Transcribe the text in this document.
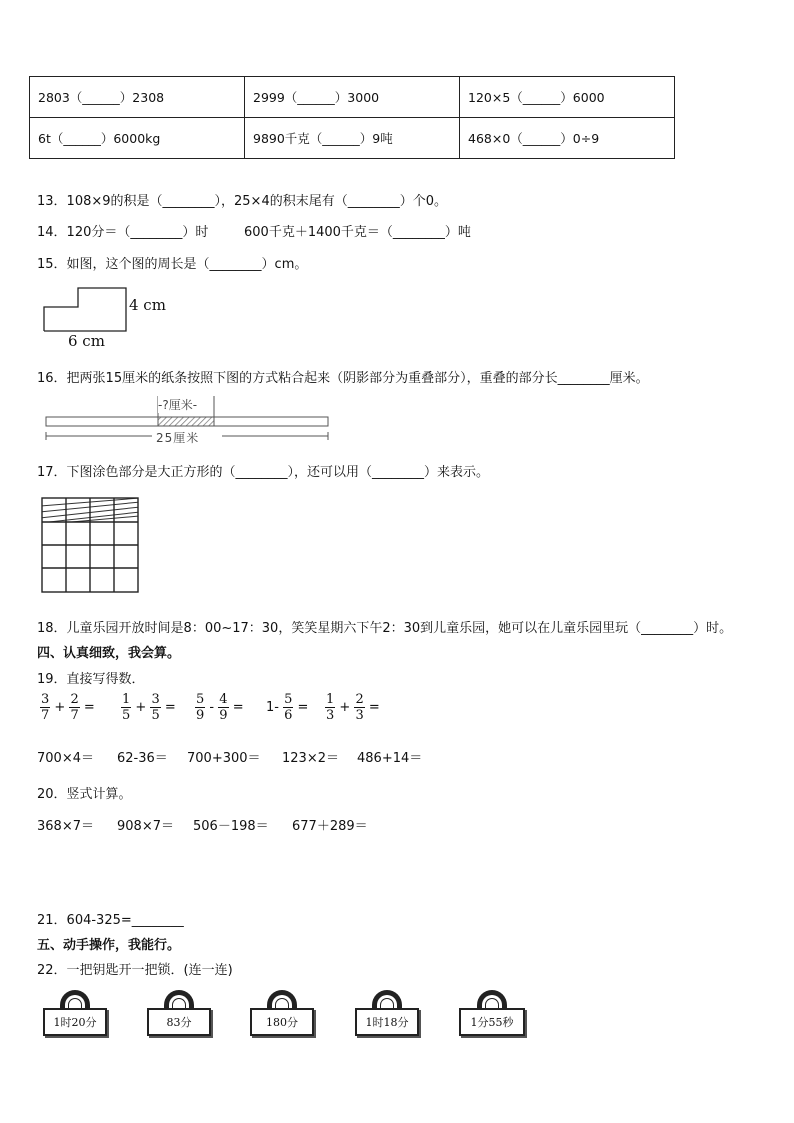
2803（______）2308	2999（______）3000	120×5（______）6000
6t（______）6000kg	9890千克（______）9吨	468×0（______）0÷9
13．108×9的积是（________），25×4的积末尾有（________）个0。
14．120分＝（________）时	600千克＋1400千克＝（________）吨
15．如图，这个图的周长是（________）cm。
4 cm
6 cm
16．把两张15厘米的纸条按照下图的方式粘合起来（阴影部分为重叠部分），重叠的部分长________厘米。
-?厘米-
25厘米
17．下图涂色部分是大正方形的（________），还可以用（________）来表示。
18．儿童乐园开放时间是8：00~17：30，笑笑星期六下午2：30到儿童乐园，她可以在儿童乐园里玩（________）时。
四、认真细致，我会算。
19．直接写得数．
$\frac{3}{7} + \frac{2}{7} = \frac{1}{5} + \frac{3}{5} = \frac{5}{9} - \frac{4}{9} = 1- \frac{5}{6} = \frac{1}{3} + \frac{2}{3}$ =
700×4＝ 62-36＝ 700+300＝ 123×2＝ 486+14＝
20．竖式计算。
368×7＝ 908×7＝ 506－198＝ 677＋289＝
21．604-325=________
五、动手操作，我能行。
22．一把钥匙开一把锁．(连一连)
1时20分	83分	180分	1时18分	1分55秒
